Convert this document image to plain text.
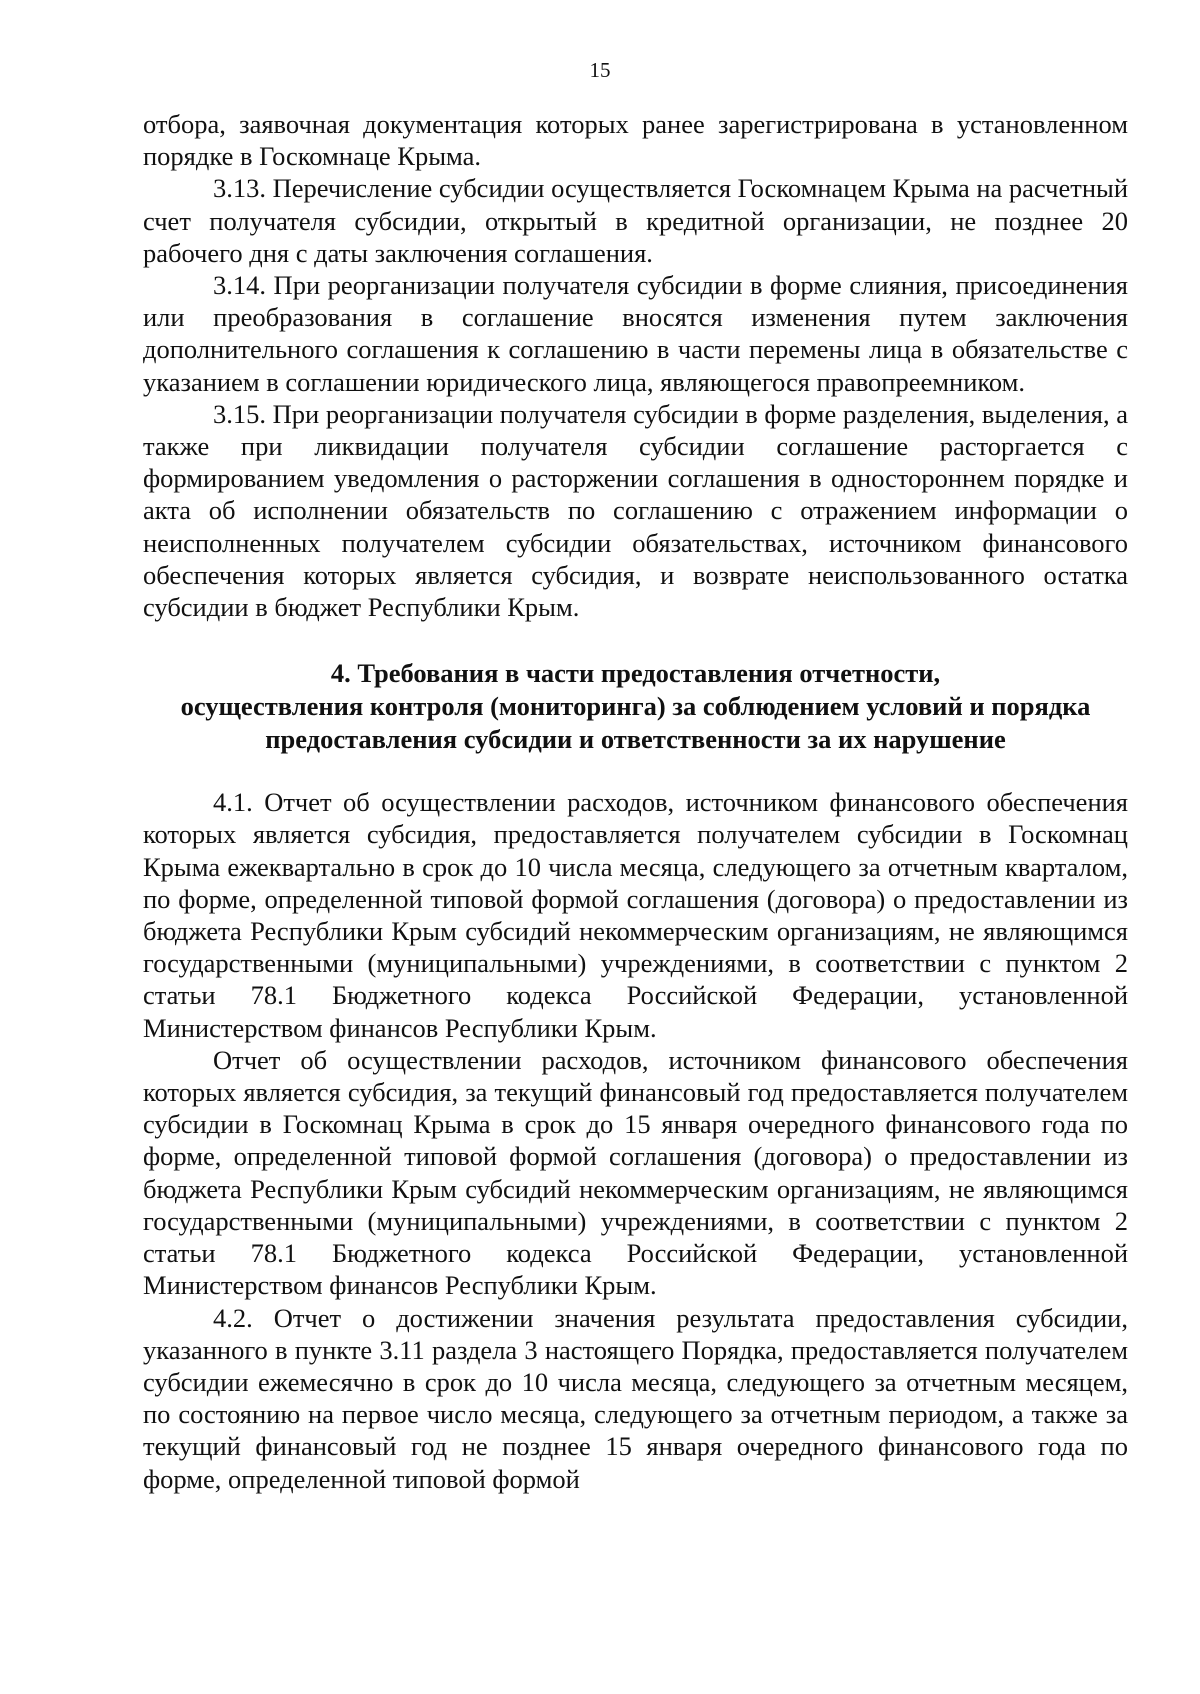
15

отбора, заявочная документация которых ранее зарегистрирована в установленном порядке в Госкомнаце Крыма.

3.13. Перечисление субсидии осуществляется Госкомнацем Крыма на расчетный счет получателя субсидии, открытый в кредитной организации, не позднее 20 рабочего дня с даты заключения соглашения.

3.14. При реорганизации получателя субсидии в форме слияния, присоединения или преобразования в соглашение вносятся изменения путем заключения дополнительного соглашения к соглашению в части перемены лица в обязательстве с указанием в соглашении юридического лица, являющегося правопреемником.

3.15. При реорганизации получателя субсидии в форме разделения, выделения, а также при ликвидации получателя субсидии соглашение расторгается с формированием уведомления о расторжении соглашения в одностороннем порядке и акта об исполнении обязательств по соглашению с отражением информации о неисполненных получателем субсидии обязательствах, источником финансового обеспечения которых является субсидия, и возврате неиспользованного остатка субсидии в бюджет Республики Крым.

4. Требования в части предоставления отчетности,
осуществления контроля (мониторинга) за соблюдением условий и порядка
предоставления субсидии и ответственности за их нарушение

4.1. Отчет об осуществлении расходов, источником финансового обеспечения которых является субсидия, предоставляется получателем субсидии в Госкомнац Крыма ежеквартально в срок до 10 числа месяца, следующего за отчетным кварталом, по форме, определенной типовой формой соглашения (договора) о предоставлении из бюджета Республики Крым субсидий некоммерческим организациям, не являющимся государственными (муниципальными) учреждениями, в соответствии с пунктом 2 статьи 78.1 Бюджетного кодекса Российской Федерации, установленной Министерством финансов Республики Крым.

Отчет об осуществлении расходов, источником финансового обеспечения которых является субсидия, за текущий финансовый год предоставляется получателем субсидии в Госкомнац Крыма в срок до 15 января очередного финансового года по форме, определенной типовой формой соглашения (договора) о предоставлении из бюджета Республики Крым субсидий некоммерческим организациям, не являющимся государственными (муниципальными) учреждениями, в соответствии с пунктом 2 статьи 78.1 Бюджетного кодекса Российской Федерации, установленной Министерством финансов Республики Крым.

4.2. Отчет о достижении значения результата предоставления субсидии, указанного в пункте 3.11 раздела 3 настоящего Порядка, предоставляется получателем субсидии ежемесячно в срок до 10 числа месяца, следующего за отчетным месяцем, по состоянию на первое число месяца, следующего за отчетным периодом, а также за текущий финансовый год не позднее 15 января очередного финансового года по форме, определенной типовой формой
